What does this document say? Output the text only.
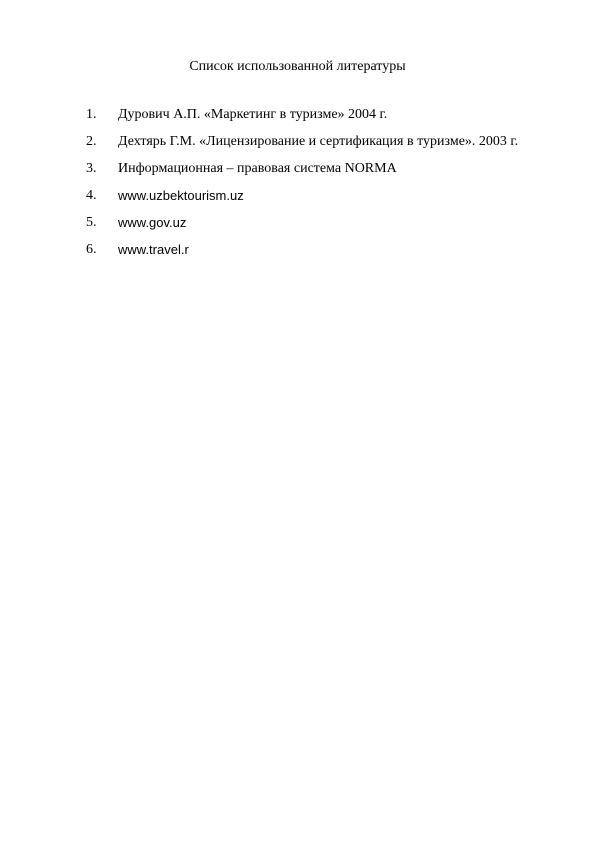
Список использованной литературы
1.	Дурович А.П. «Маркетинг в туризме» 2004 г.
2.	Дехтярь Г.М. «Лицензирование и сертификация в туризме». 2003 г.
3.	Информационная – правовая система NORMA
4.	www.uzbektourism.uz
5.	www.gov.uz
6.	www.travel.r
